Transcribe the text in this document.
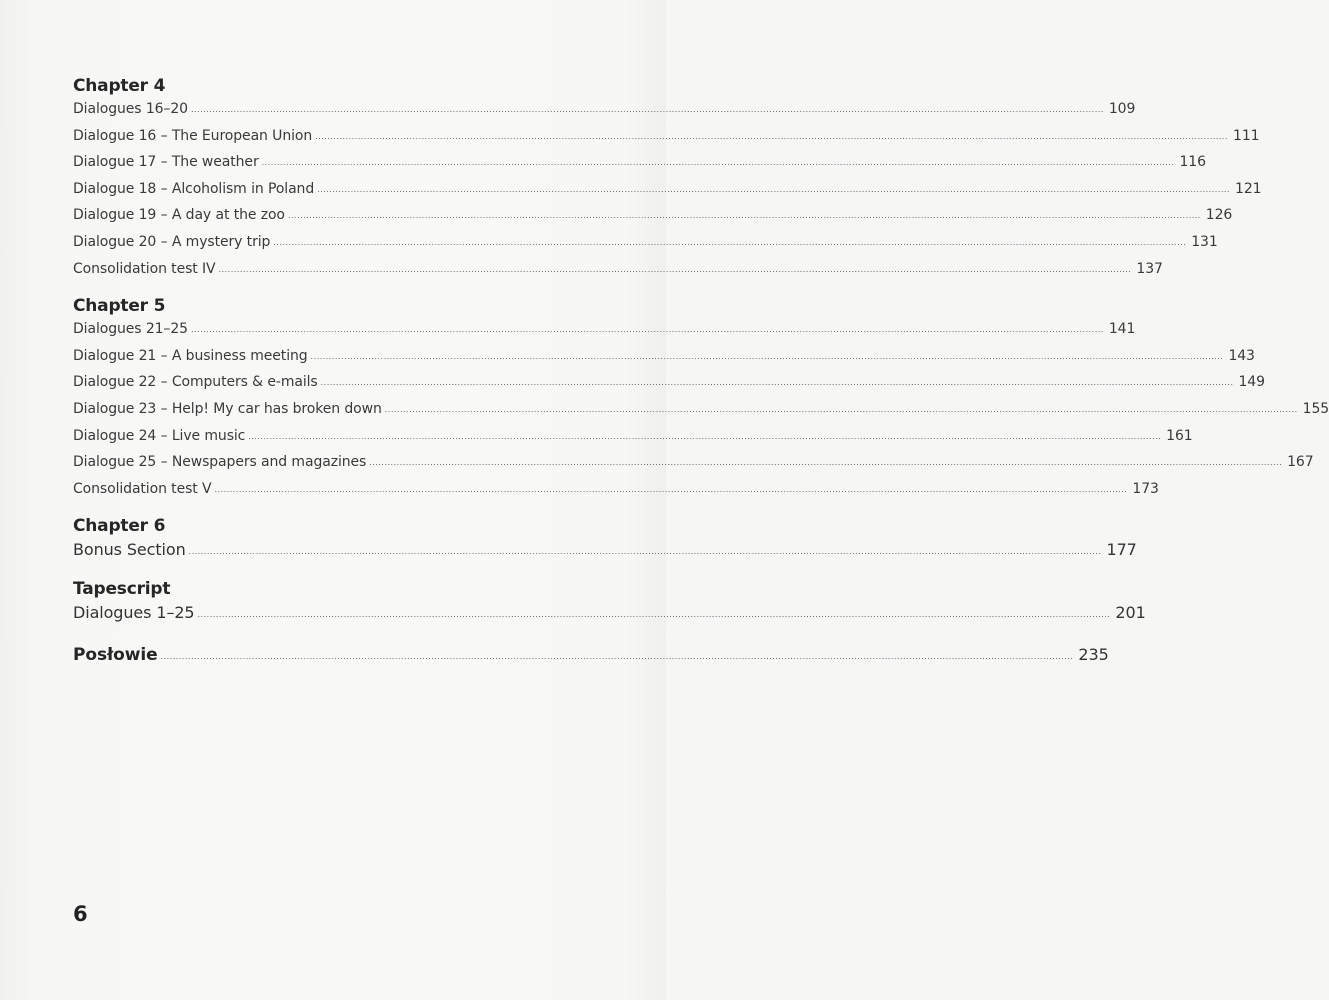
Chapter 4
Dialogues 16–20 ............................................................................................................................................................................................................................................................................................................ 109
Dialogue 16 – The European Union ............................................................................................................................................................................................................................................................................................................ 111
Dialogue 17 – The weather ............................................................................................................................................................................................................................................................................................................ 116
Dialogue 18 – Alcoholism in Poland ............................................................................................................................................................................................................................................................................................................ 121
Dialogue 19 – A day at the zoo ............................................................................................................................................................................................................................................................................................................ 126
Dialogue 20 – A mystery trip ............................................................................................................................................................................................................................................................................................................ 131
Consolidation test IV ............................................................................................................................................................................................................................................................................................................ 137
Chapter 5
Dialogues 21–25 ............................................................................................................................................................................................................................................................................................................ 141
Dialogue 21 – A business meeting ............................................................................................................................................................................................................................................................................................................ 143
Dialogue 22 – Computers & e-mails ............................................................................................................................................................................................................................................................................................................ 149
Dialogue 23 – Help! My car has broken down ............................................................................................................................................................................................................................................................................................................ 155
Dialogue 24 – Live music ............................................................................................................................................................................................................................................................................................................ 161
Dialogue 25 – Newspapers and magazines ............................................................................................................................................................................................................................................................................................................ 167
Consolidation test V ............................................................................................................................................................................................................................................................................................................ 173
Chapter 6
Bonus Section ............................................................................................................................................................................................................................................................................................................ 177
Tapescript
Dialogues 1–25 ............................................................................................................................................................................................................................................................................................................ 201
Posłowie ............................................................................................................................................................................................................................................................................................................ 235
6
